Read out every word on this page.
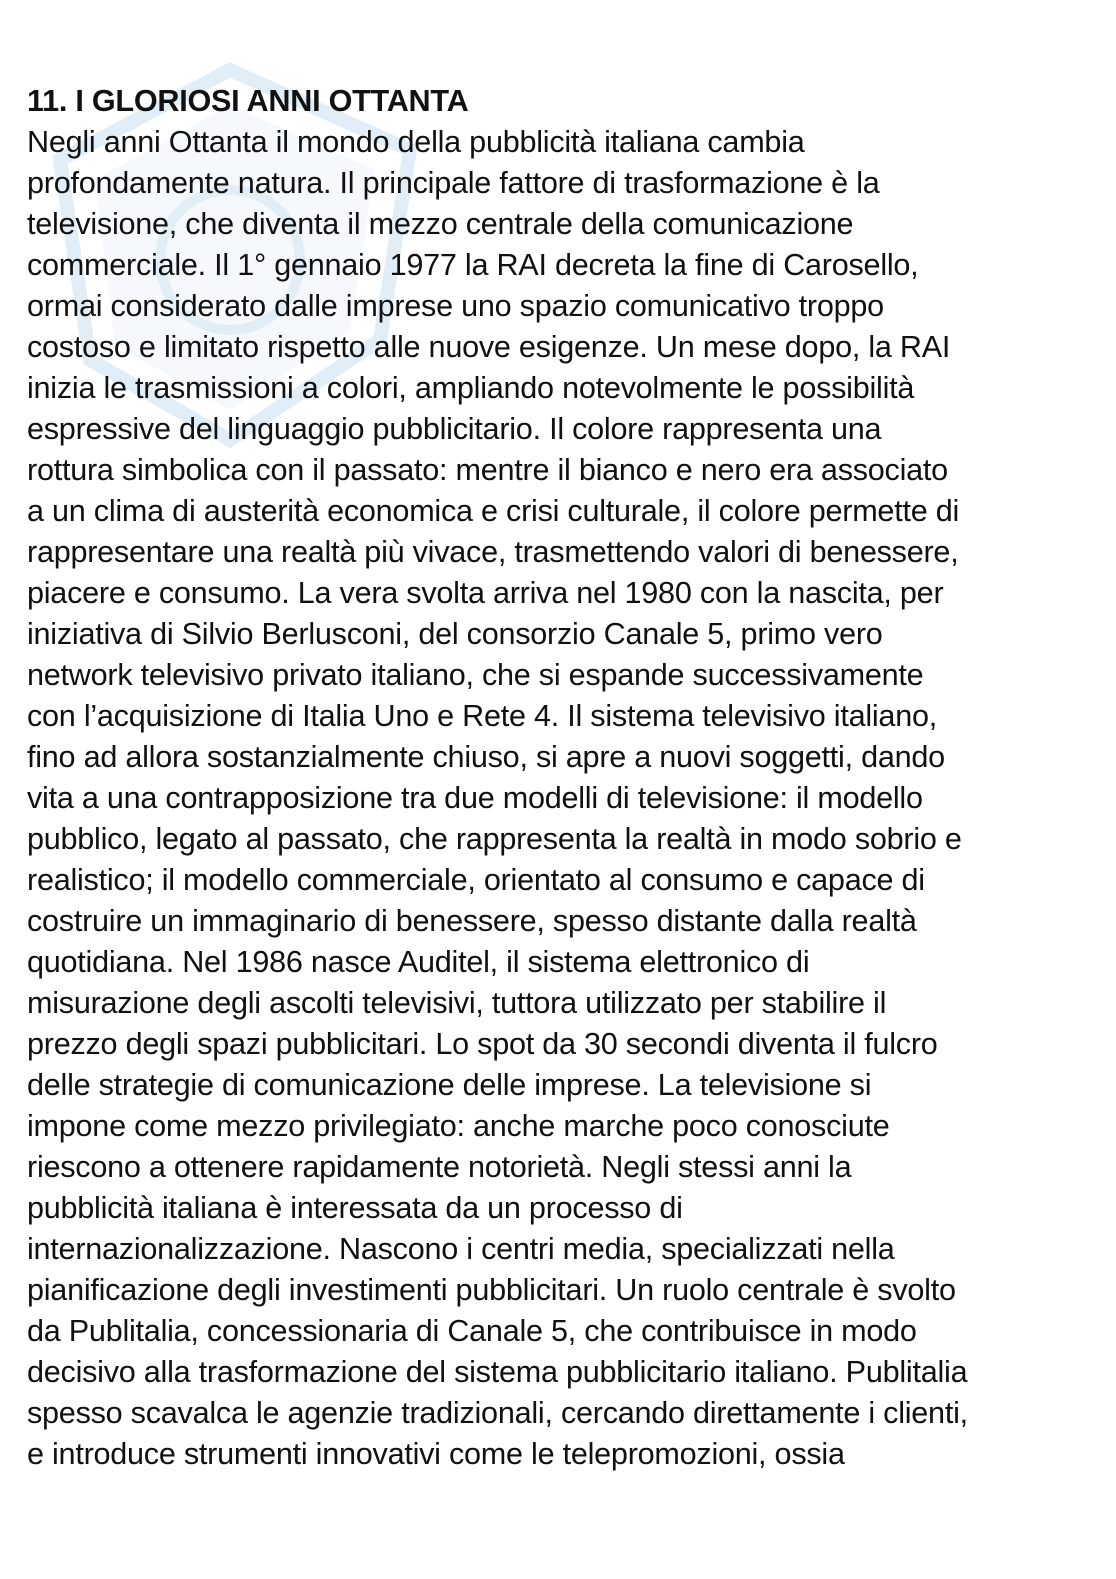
11. I GLORIOSI ANNI OTTANTA
Negli anni Ottanta il mondo della pubblicità italiana cambia
profondamente natura. Il principale fattore di trasformazione è la
televisione, che diventa il mezzo centrale della comunicazione
commerciale. Il 1° gennaio 1977 la RAI decreta la fine di Carosello,
ormai considerato dalle imprese uno spazio comunicativo troppo
costoso e limitato rispetto alle nuove esigenze. Un mese dopo, la RAI
inizia le trasmissioni a colori, ampliando notevolmente le possibilità
espressive del linguaggio pubblicitario. Il colore rappresenta una
rottura simbolica con il passato: mentre il bianco e nero era associato
a un clima di austerità economica e crisi culturale, il colore permette di
rappresentare una realtà più vivace, trasmettendo valori di benessere,
piacere e consumo. La vera svolta arriva nel 1980 con la nascita, per
iniziativa di Silvio Berlusconi, del consorzio Canale 5, primo vero
network televisivo privato italiano, che si espande successivamente
con l’acquisizione di Italia Uno e Rete 4. Il sistema televisivo italiano,
fino ad allora sostanzialmente chiuso, si apre a nuovi soggetti, dando
vita a una contrapposizione tra due modelli di televisione: il modello
pubblico, legato al passato, che rappresenta la realtà in modo sobrio e
realistico; il modello commerciale, orientato al consumo e capace di
costruire un immaginario di benessere, spesso distante dalla realtà
quotidiana. Nel 1986 nasce Auditel, il sistema elettronico di
misurazione degli ascolti televisivi, tuttora utilizzato per stabilire il
prezzo degli spazi pubblicitari. Lo spot da 30 secondi diventa il fulcro
delle strategie di comunicazione delle imprese. La televisione si
impone come mezzo privilegiato: anche marche poco conosciute
riescono a ottenere rapidamente notorietà. Negli stessi anni la
pubblicità italiana è interessata da un processo di
internazionalizzazione. Nascono i centri media, specializzati nella
pianificazione degli investimenti pubblicitari. Un ruolo centrale è svolto
da Publitalia, concessionaria di Canale 5, che contribuisce in modo
decisivo alla trasformazione del sistema pubblicitario italiano. Publitalia
spesso scavalca le agenzie tradizionali, cercando direttamente i clienti,
e introduce strumenti innovativi come le telepromozioni, ossia
